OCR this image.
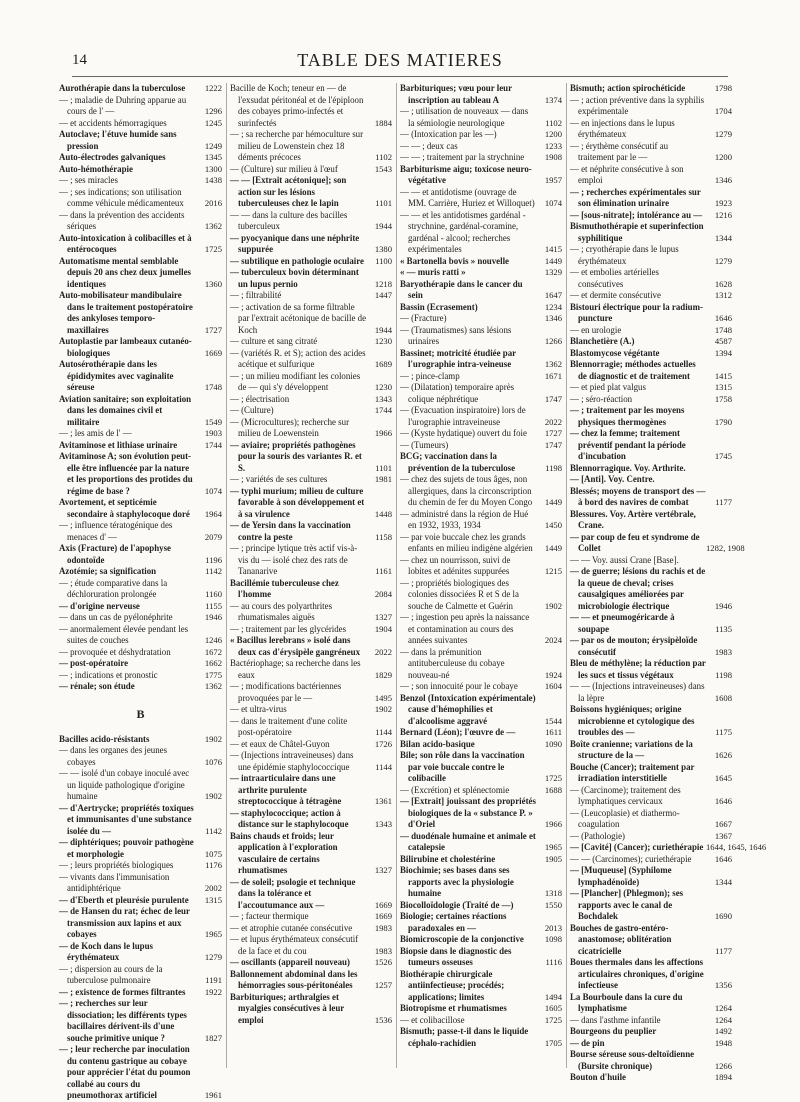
14	TABLE DES MATIERES
Aurothérapie dans la tuberculose	1222
— ; maladie de Duhring apparue au cours de l' —	1296
— et accidents hémorragiques	1245
Autoclave; l'étuve humide sans pression	1249
Auto-électrodes galvaniques	1345
Auto-hémothérapie	1300
— ; ses miracles	1438
— ; ses indications; son utilisation comme véhicule médicamenteux	2016
— dans la prévention des accidents sériques	1362
Auto-intoxication à colibacilles et à entérocoques	1725
Automatisme mental semblable depuis 20 ans chez deux jumelles identiques	1360
Auto-mobilisateur mandibulaire dans le traitement postopératoire des ankyloses temporo-maxillaires	1727
Autoplastie par lambeaux cutanéo-biologiques	1669
Autosérothérapie dans les épididymites avec vaginalite séreuse	1748
Aviation sanitaire; son exploitation dans les domaines civil et militaire	1549
— ; les amis de l' —	1903
Avitaminose et lithiase urinaire	1744
Avitaminose A; son évolution peut-elle être influencée par la nature et les proportions des protides du régime de base ?	1074
Avortement, et septicémie secondaire à staphylocoque doré	1964
— ; influence tératogénique des menaces d' —	2079
Axis (Fracture) de l'apophyse odontoïde	1196
Azotémie; sa signification	1142
— ; étude comparative dans la déchloruration prolongée	1160
— d'origine nerveuse	1155
— dans un cas de pyélonéphrite	1946
— anormalement élevée pendant les suites de couches	1246
— provoquée et déshydratation	1672
— post-opératoire	1662
— ; indications et pronostic	1775
— rénale; son étude	1362
B
Bacilles acido-résistants	1902
— dans les organes des jeunes cobayes	1076
— — isolé d'un cobaye inoculé avec un liquide pathologique d'origine humaine	1902
— d'Aertrycke; propriétés toxiques et immunisantes d'une substance isolée du —	1142
— diphtériques; pouvoir pathogène et morphologie	1075
— ; leurs propriétés biologiques	1176
— vivants dans l'immunisation antidiphtérique	2002
— d'Eberth et pleurésie purulente	1315
— de Hansen du rat; échec de leur transmission aux lapins et aux cobayes	1965
— de Koch dans le lupus érythémateux	1279
— ; dispersion au cours de la tuberculose pulmonaire	1191
— ; existence de formes filtrantes	1922
— ; recherches sur leur dissociation; les différents types bacillaires dérivent-ils d'une souche primitive unique ?	1827
— ; leur recherche par inoculation du contenu gastrique au cobaye pour apprécier l'état du poumon collabé au cours du pneumothorax artificiel	1961
Bacille de Koch; teneur en — de l'exsudat péritonéal et de l'épiploon des cobayes primo-infectés et surinfectés	1884
— ; sa recherche par hémoculture sur milieu de Lowenstein chez 18 déments précoces	1102
— (Culture) sur milieu à l'œuf	1543
— — [Extrait acétonique]; son action sur les lésions tuberculeuses chez le lapin	1101
— — dans la culture des bacilles tuberculeux	1944
— pyocyanique dans une néphrite suppurée	1380
— subtilique en pathologie oculaire	1100
— tuberculeux bovin déterminant un lupus pernio	1218
— ; filtrabilité	1447
— ; activation de sa forme filtrable par l'extrait acétonique de bacille de Koch	1944
— culture et sang citraté	1230
— (variétés R. et S); action des acides acétique et sulfurique	1689
— ; un milieu modifiant les colonies de — qui s'y développent	1230
— ; électrisation	1343
— (Culture)	1744
— (Microcultures); recherche sur milieu de Loewenstein	1966
— aviaire; propriétés pathogènes pour la souris des variantes R. et S.	1101
— ; variétés de ses cultures	1981
— typhi murium; milieu de culture favorable à son développement et à sa virulence	1448
— de Yersin dans la vaccination contre la peste	1158
— ; principe lytique très actif vis-à-vis du — isolé chez des rats de Tananarive	1161
Bacillémie tuberculeuse chez l'homme	2084
— au cours des polyarthrites rhumatismales aiguës	1327
— ; traitement par les glycérides	1904
« Bacillus lerebrans » isolé dans deux cas d'érysipèle gangréneux	2022
Bactériophage; sa recherche dans les eaux	1829
— ; modifications bactériennes provoquées par le —	1495
— et ultra-virus	1902
— dans le traitement d'une colite post-opératoire	1144
— et eaux de Châtel-Guyon	1726
— (Injections intraveineuses) dans une épidémie staphylococcique	1144
— intraarticulaire dans une arthrite purulente streptococcique à tétragène	1361
— staphylococcique; action à distance sur le staphylocoque	1343
Bains chauds et froids; leur application à l'exploration vasculaire de certains rhumatismes	1327
— de soleil; psologie et technique dans la tolérance et l'accoutumance aux —	1669
— ; facteur thermique	1669
— et atrophie cutanée consécutive	1983
— et lupus érythémateux consécutif de la face et du cou	1983
— oscillants (appareil nouveau)	1526
Ballonnement abdominal dans les hémorragies sous-péritonéales	1257
Barbituriques; arthralgies et myalgies consécutives à leur emploi	1536
Barbituriques; vœu pour leur inscription au tableau A	1374
— ; utilisation de nouveaux — dans la sémiologie neurologique	1102
— (Intoxication par les —)	1200
— — ; deux cas	1233
— — ; traitement par la strychnine	1908
Barbiturisme aigu; toxicose neuro-végétative	1957
— — et antidotisme (ouvrage de MM. Carrière, Huriez et Willoquet)	1074
— — et les antidotismes gardénal - strychnine, gardénal-coramine, gardénal - alcool; recherches expérimentales	1415
« Bartonella bovis » nouvelle	1449
« — muris ratti »	1329
Baryothérapie dans le cancer du sein	1647
Bassin (Ecrasement)	1234
— (Fracture)	1346
— (Traumatismes) sans lésions urinaires	1266
Bassinet; motricité étudiée par l'urographie intra-veineuse	1362
— ; pince-clamp	1671
— (Dilatation) temporaire après colique néphrétique	1747
— (Evacuation inspiratoire) lors de l'urographie intraveineuse	2022
— (Kyste hydatique) ouvert du foie	1727
— (Tumeurs)	1747
BCG; vaccination dans la prévention de la tuberculose	1198
— chez des sujets de tous âges, non allergiques, dans la circonscription du chemin de fer du Moyen Congo	1449
— administré dans la région de Hué en 1932, 1933, 1934	1450
— par voie buccale chez les grands enfants en milieu indigène algérien	1449
— chez un nourrisson, suivi de lobites et adénites suppurées	1215
— ; propriétés biologiques des colonies dissociées R et S de la souche de Calmette et Guérin	1902
— ; ingestion peu après la naissance et contamination au cours des années suivantes	2024
— dans la prémunition antituberculeuse du cobaye nouveau-né	1924
— ; son innocuité pour le cobaye	1604
Benzol (Intoxication expérimentale) cause d'hémophilies et d'alcoolisme aggravé	1544
Bernard (Léon); l'œuvre de —	1611
Bilan acido-basique	1090
Bile; son rôle dans la vaccination par voie buccale contre le colibacille	1725
— (Excrétion) et splénectomie	1688
— [Extrait] jouissant des propriétés biologiques de la « substance P. » d'Oriel	1966
— duodénale humaine et animale et catalepsie	1965
Bilirubine et cholestérine	1905
Biochimie; ses bases dans ses rapports avec la physiologie humaine	1318
Biocolloïdologie (Traité de —)	1550
Biologie; certaines réactions paradoxales en —	2013
Biomicroscopie de la conjonctive	1098
Biopsie dans le diagnostic des tumeurs osseuses	1116
Biothérapie chirurgicale antiinfectieuse; procédés; applications; limites	1494
Biotropisme et rhumatismes	1605
— et colibacillose	1725
Bismuth; passe-t-il dans le liquide céphalo-rachidien	1705
Bismuth; action spirochéticide	1798
— ; action préventive dans la syphilis expérimentale	1704
— en injections dans le lupus érythémateux	1279
— ; érythème consécutif au traitement par le —	1200
— et néphrite consécutive à son emploi	1346
— ; recherches expérimentales sur son élimination urinaire	1923
— [sous-nitrate]; intolérance au —	1216
Bismuthothérapie et superinfection syphilitique	1344
— ; cryothérapie dans le lupus érythémateux	1279
— et embolies artérielles consécutives	1628
— et dermite consécutive	1312
Bistouri électrique pour la radium-puncture	1646
— en urologie	1748
Blanchetière (A.)	4587
Blastomycose végétante	1394
Blennorragie; méthodes actuelles de diagnostic et de traitement	1415
— et pied plat valgus	1315
— ; séro-réaction	1758
— ; traitement par les moyens physiques thermogènes	1790
— chez la femme; traitement préventif pendant la période d'incubation	1745
Blennorragique. Voy. Arthrite.
— [Anti]. Voy. Centre.
Blessés; moyens de transport des — à bord des navires de combat	1177
Blessures. Voy. Artère vertébrale, Crane.
— par coup de feu et syndrome de Collet	1282, 1908
— — Voy. aussi Crane [Base].
— de guerre; lésions du rachis et de la queue de cheval; crises causalgiques améliorées par microbiologie électrique	1946
— — et pneumogéricarde à soupape	1135
— par os de mouton; érysipèloïde consécutif	1983
Bleu de méthylène; la réduction par les sucs et tissus végétaux	1198
— — (Injections intraveineuses) dans la lèpre	1608
Boissons hygiéniques; origine microbienne et cytologique des troubles des —	1175
Boîte cranienne; variations de la structure de la —	1626
Bouche (Cancer); traitement par irradiation interstitielle	1645
— (Carcinome); traitement des lymphatiques cervicaux	1646
— (Leucoplasie) et diathermo-coagulation	1667
— (Pathologie)	1367
— [Cavité] (Cancer); curiethérapie 1644, 1645, 1646
— — (Carcinomes); curiethérapie	1646
— [Muqueuse] (Syphilome lymphadénoïde)	1344
— [Plancher] (Phlegmon); ses rapports avec le canal de Bochdalek	1690
Bouches de gastro-entéro-anastomose; oblitération cicatricielle	1177
Boues thermales dans les affections articulaires chroniques, d'origine infectieuse	1356
La Bourboule dans la cure du lymphatisme	1264
— dans l'asthme infantile	1264
Bourgeons du peuplier	1492
— de pin	1948
Bourse séreuse sous-deltoïdienne (Bursite chronique)	1266
Bouton d'huile	1894
